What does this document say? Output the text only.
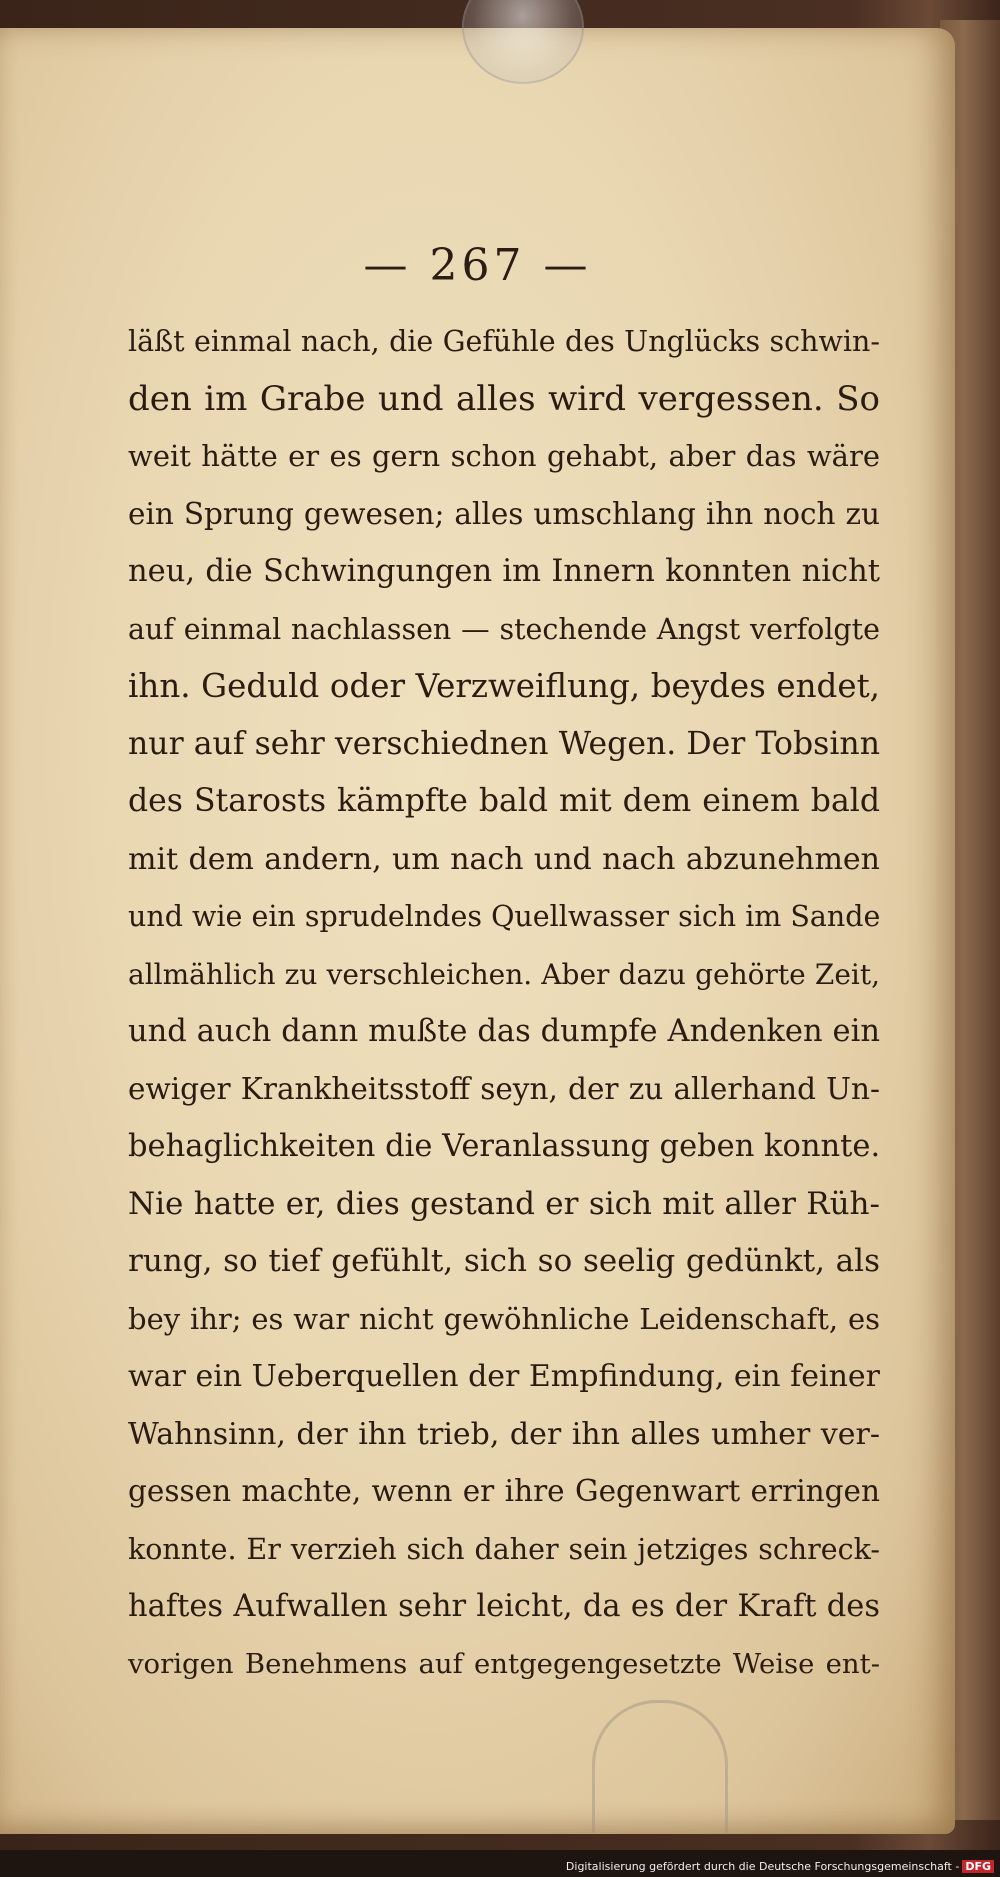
— 267 —
läßt einmal nach, die Gefühle des Unglücks schwin-
den im Grabe und alles wird vergessen. So
weit hätte er es gern schon gehabt, aber das wäre
ein Sprung gewesen; alles umschlang ihn noch zu
neu, die Schwingungen im Innern konnten nicht
auf einmal nachlassen — stechende Angst verfolgte
ihn. Geduld oder Verzweiflung, beydes endet,
nur auf sehr verschiednen Wegen. Der Tobsinn
des Starosts kämpfte bald mit dem einem bald
mit dem andern, um nach und nach abzunehmen
und wie ein sprudelndes Quellwasser sich im Sande
allmählich zu verschleichen. Aber dazu gehörte Zeit,
und auch dann mußte das dumpfe Andenken ein
ewiger Krankheitsstoff seyn, der zu allerhand Un-
behaglichkeiten die Veranlassung geben konnte.
Nie hatte er, dies gestand er sich mit aller Rüh-
rung, so tief gefühlt, sich so seelig gedünkt, als
bey ihr; es war nicht gewöhnliche Leidenschaft, es
war ein Ueberquellen der Empfindung, ein feiner
Wahnsinn, der ihn trieb, der ihn alles umher ver-
gessen machte, wenn er ihre Gegenwart erringen
konnte. Er verzieh sich daher sein jetziges schreck-
haftes Aufwallen sehr leicht, da es der Kraft des
vorigen Benehmens auf entgegengesetzte Weise ent-
Digitalisierung gefördert durch die Deutsche Forschungsgemeinschaft - DFG
